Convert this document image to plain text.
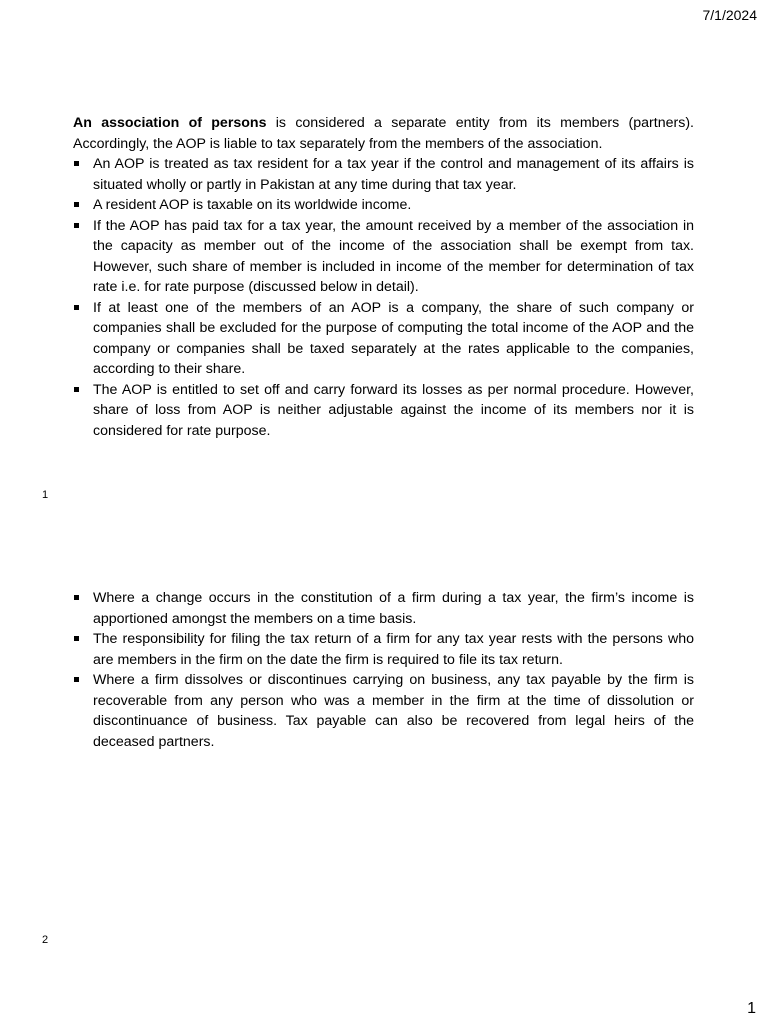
7/1/2024

An association of persons is considered a separate entity from its members (partners). Accordingly, the AOP is liable to tax separately from the members of the association.

An AOP is treated as tax resident for a tax year if the control and management of its affairs is situated wholly or partly in Pakistan at any time during that tax year.
A resident AOP is taxable on its worldwide income.
If the AOP has paid tax for a tax year, the amount received by a member of the association in the capacity as member out of the income of the association shall be exempt from tax. However, such share of member is included in income of the member for determination of tax rate i.e. for rate purpose (discussed below in detail).
If at least one of the members of an AOP is a company, the share of such company or companies shall be excluded for the purpose of computing the total income of the AOP and the company or companies shall be taxed separately at the rates applicable to the companies, according to their share.
The AOP is entitled to set off and carry forward its losses as per normal procedure. However, share of loss from AOP is neither adjustable against the income of its members nor it is considered for rate purpose.
1
Where a change occurs in the constitution of a firm during a tax year, the firm’s income is apportioned amongst the members on a time basis.
The responsibility for filing the tax return of a firm for any tax year rests with the persons who are members in the firm on the date the firm is required to file its tax return.
Where a firm dissolves or discontinues carrying on business, any tax payable by the firm is recoverable from any person who was a member in the firm at the time of dissolution or discontinuance of business. Tax payable can also be recovered from legal heirs of the deceased partners.
2
1
